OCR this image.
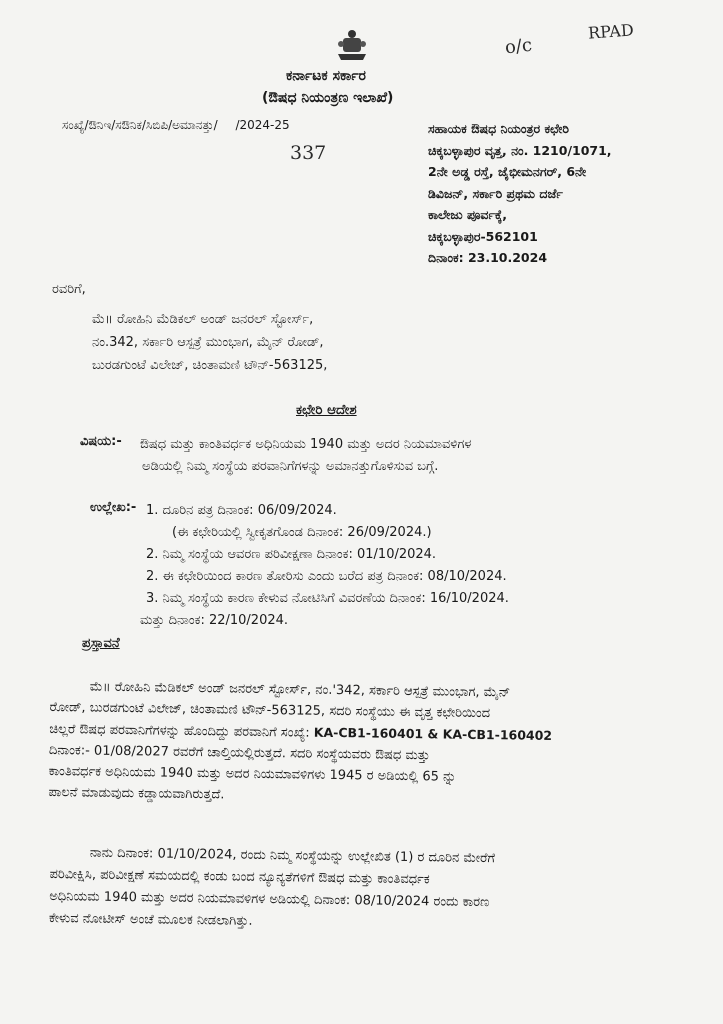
o/c
RPAD
337
ಕರ್ನಾಟಕ ಸರ್ಕಾರ
(ಔಷಧ ನಿಯಂತ್ರಣ ಇಲಾಖೆ)
ಸಂಖ್ಯೆ/ಔನಿಇ/ಸಔನಿಕ/ಸಿಬಿಪಿ/ಅಮಾನತ್ತು/ /2024-25	ಸಹಾಯಕ ಔಷಧ ನಿಯಂತ್ರರ ಕಛೇರಿ
ಚಿಕ್ಕಬಳ್ಳಾಪುರ ವೃತ್ತ, ನಂ. 1210/1071,
2ನೇ ಅಡ್ಡ ರಸ್ತೆ, ಜೈಭೀಮನಗರ್, 6ನೇ
ಡಿವಿಜನ್, ಸರ್ಕಾರಿ ಪ್ರಥಮ ದರ್ಜೆ
ಕಾಲೇಜು ಪೂರ್ವಕ್ಕೆ,
ಚಿಕ್ಕಬಳ್ಳಾಪುರ-562101
ದಿನಾಂಕ: 23.10.2024
ರವರಿಗೆ,
ಮೆ॥ ರೋಹಿನಿ ಮೆಡಿಕಲ್ ಅಂಡ್ ಜನರಲ್ ಸ್ಟೋರ್ಸ್,
ನಂ.342, ಸರ್ಕಾರಿ ಆಸ್ಪತ್ರೆ ಮುಂಭಾಗ, ಮೈನ್ ರೋಡ್,
ಬುರಡಗುಂಟೆ ವಿಲೇಜ್, ಚಿಂತಾಮಣಿ ಟೌನ್-563125,
ಕಛೇರಿ ಆದೇಶ
ವಿಷಯ:- ಔಷಧ ಮತ್ತು ಕಾಂತಿವರ್ಧಕ ಅಧಿನಿಯಮ 1940 ಮತ್ತು ಅದರ ನಿಯಮಾವಳಿಗಳ
ಅಡಿಯಲ್ಲಿ ನಿಮ್ಮ ಸಂಸ್ಥೆಯ ಪರವಾನಿಗೆಗಳನ್ನು ಅಮಾನತ್ತುಗೊಳಿಸುವ ಬಗ್ಗೆ.
ಉಲ್ಲೇಖ:- 1. ದೂರಿನ ಪತ್ರ ದಿನಾಂಕ: 06/09/2024.
(ಈ ಕಛೇರಿಯಲ್ಲಿ ಸ್ವೀಕೃತಗೊಂಡ ದಿನಾಂಕ: 26/09/2024.)
2. ನಿಮ್ಮ ಸಂಸ್ಥೆಯ ಆವರಣ ಪರಿವೀಕ್ಷಣಾ ದಿನಾಂಕ: 01/10/2024.
2. ಈ ಕಛೇರಿಯಿಂದ ಕಾರಣ ತೋರಿಸು ಎಂದು ಬರೆದ ಪತ್ರ ದಿನಾಂಕ: 08/10/2024.
3. ನಿಮ್ಮ ಸಂಸ್ಥೆಯ ಕಾರಣ ಕೇಳುವ ನೋಟಿಸಿಗೆ ವಿವರಣೆಯ ದಿನಾಂಕ: 16/10/2024.
ಮತ್ತು ದಿನಾಂಕ: 22/10/2024.
ಪ್ರಸ್ತಾವನೆ
ಮೆ॥ ರೋಹಿನಿ ಮೆಡಿಕಲ್ ಅಂಡ್ ಜನರಲ್ ಸ್ಟೋರ್ಸ್, ನಂ.'342, ಸರ್ಕಾರಿ ಆಸ್ಪತ್ರೆ ಮುಂಭಾಗ, ಮೈನ್
ರೋಡ್, ಬುರಡಗುಂಟೆ ವಿಲೇಜ್, ಚಿಂತಾಮಣಿ ಟೌನ್-563125, ಸದರಿ ಸಂಸ್ಥೆಯು ಈ ವೃತ್ತ ಕಛೇರಿಯಿಂದ
ಚಿಲ್ಲರೆ ಔಷಧ ಪರವಾನಿಗೆಗಳನ್ನು ಹೊಂದಿದ್ದು ಪರವಾನಿಗೆ ಸಂಖ್ಯೆ: KA-CB1-160401 & KA-CB1-160402
ದಿನಾಂಕ:- 01/08/2027 ರವರೆಗೆ ಚಾಲ್ತಿಯಲ್ಲಿರುತ್ತದೆ. ಸದರಿ ಸಂಸ್ಥೆಯವರು ಔಷಧ ಮತ್ತು
ಕಾಂತಿವರ್ಧಕ ಅಧಿನಿಯಮ 1940 ಮತ್ತು ಅದರ ನಿಯಮಾವಳಿಗಳು 1945 ರ ಅಡಿಯಲ್ಲಿ 65 ನ್ನು
ಪಾಲನೆ ಮಾಡುವುದು ಕಡ್ಡಾಯವಾಗಿರುತ್ತದೆ.
ನಾನು ದಿನಾಂಕ: 01/10/2024, ರಂದು ನಿಮ್ಮ ಸಂಸ್ಥೆಯನ್ನು ಉಲ್ಲೇಖಿತ (1) ರ ದೂರಿನ ಮೇರೆಗೆ
ಪರಿವೀಕ್ಷಿಸಿ, ಪರಿವೀಕ್ಷಣೆ ಸಮಯದಲ್ಲಿ ಕಂಡು ಬಂದ ನ್ಯೂನ್ಯತೆಗಳಿಗೆ ಔಷಧ ಮತ್ತು ಕಾಂತಿವರ್ಧಕ
ಅಧಿನಿಯಮ 1940 ಮತ್ತು ಅದರ ನಿಯಮಾವಳಿಗಳ ಅಡಿಯಲ್ಲಿ ದಿನಾಂಕ: 08/10/2024 ರಂದು ಕಾರಣ
ಕೇಳುವ ನೋಟೀಸ್ ಅಂಚೆ ಮೂಲಕ ನೀಡಲಾಗಿತ್ತು.
